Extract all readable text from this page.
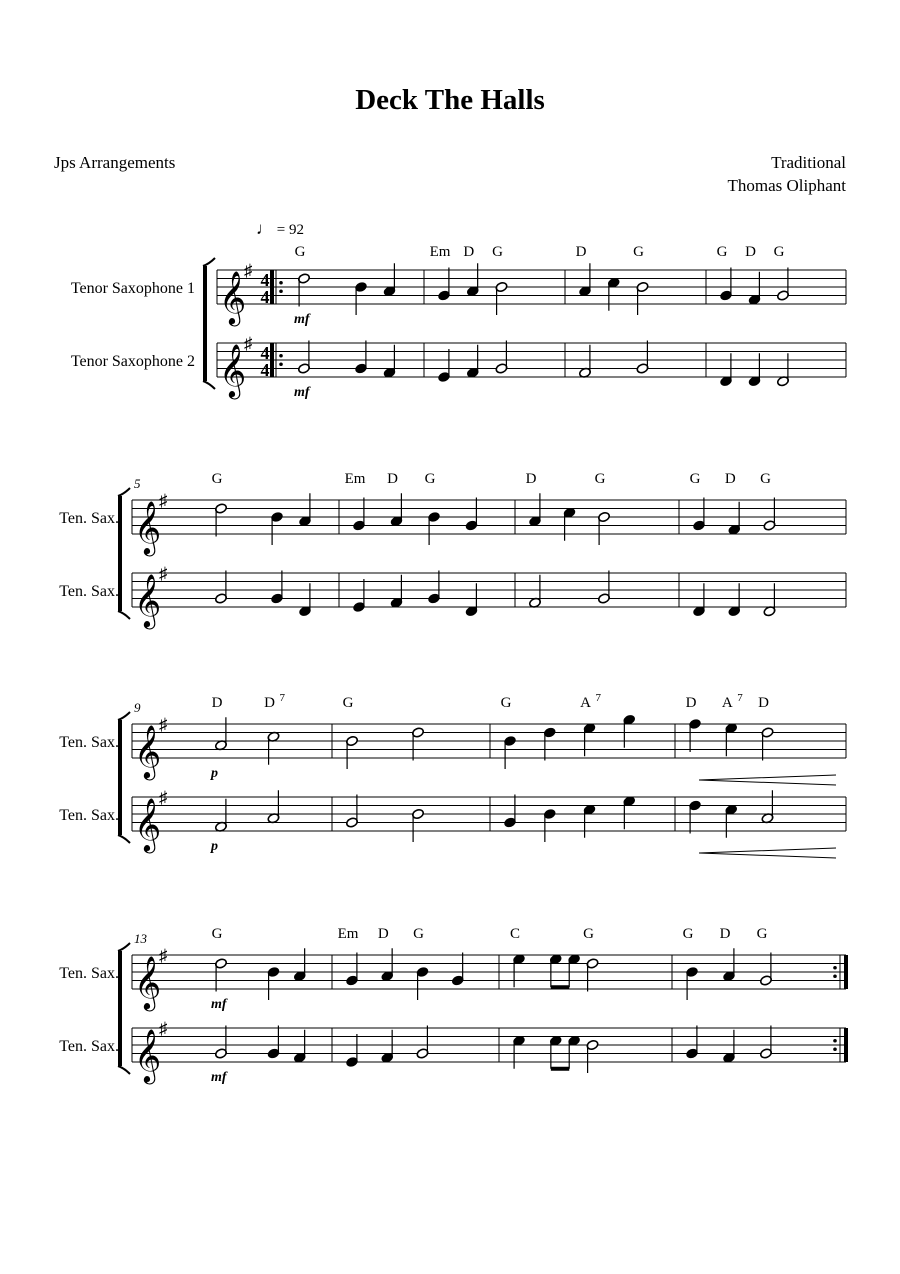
Deck The Halls
Jps Arrangements	Traditional
Thomas Oliphant
♩ = 92
Tenor Saxophone 1 𝄞
♯ 4
4
Tenor Saxophone 2 𝄞
♯ 4
4
G
mf
mf
Em D G	D	G	G D G
Ten. Sax. 𝄞
♯
Ten. Sax. 𝄞
♯
5	G	Em D G	D	G	G D G
Ten. Sax. 𝄞
♯
Ten. Sax. 𝄞
♯
9	D	D 7
p
p
G	G	A 7	D A 7 D
Ten. Sax. 𝄞
♯
Ten. Sax. 𝄞
♯
13	G
mf
mf
Em D G	C	G	G D G
